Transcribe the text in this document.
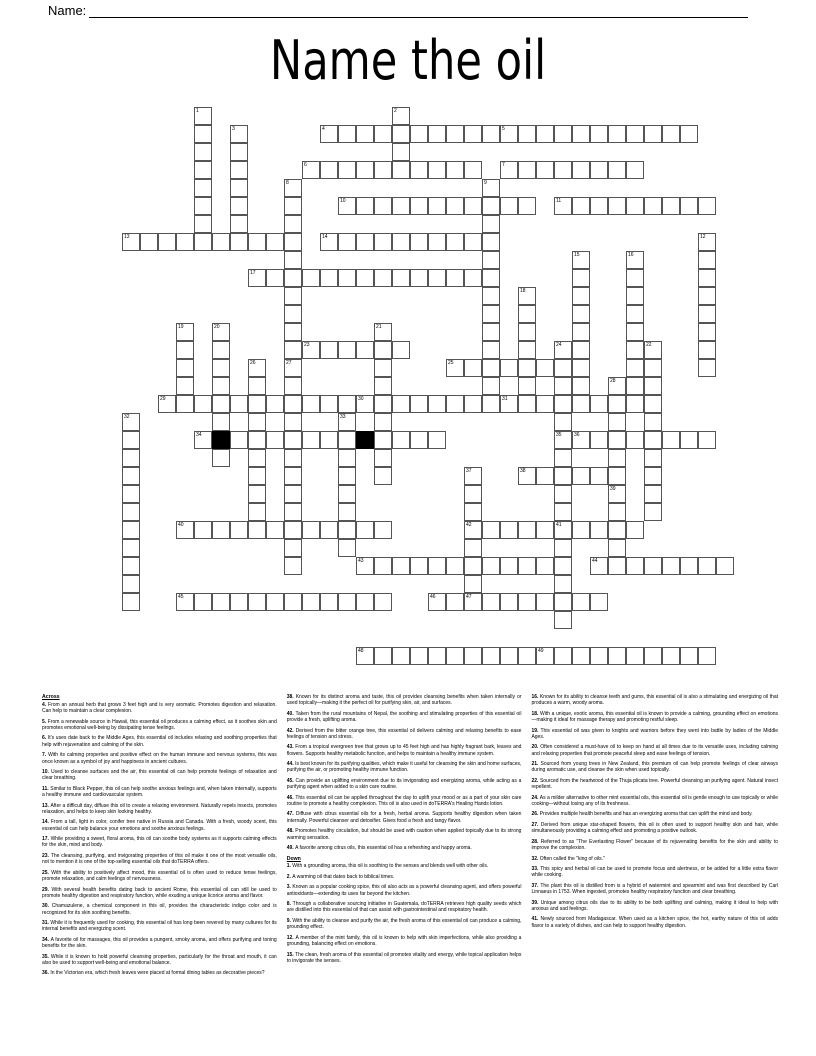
Name:
Name the oil
1	2
3	4	5
6	7
8
27
9
10	11
12
13	14
15	16
17
18
19	20	21
22
23	24
35
25
26
28
39
29	30	31
32	33
34
41
36
37
42
38
40
43	44
45	46	47
48	49
Across
4. From an annual herb that grows 3 feet high and is very aromatic. Promotes digestion and relaxation. Can help to maintain a clear complexion.
5. From a renewable source in Hawaii, this essential oil produces a calming effect, as it soothes skin and promotes emotional well-being by dissipating tense feelings.
6. It's uses date back to the Middle Ages, this essential oil includes relaxing and soothing properties that help with rejuvenation and calming of the skin.
7. With its calming properties and positive effect on the human immune and nervous systems, this was once known as a symbol of joy and happiness in ancient cultures.
10. Used to cleanse surfaces and the air, this essential oil can help promote feelings of relaxation and clear breathing.
11. Similar to Black Pepper, this oil can help soothe anxious feelings and, when taken internally, supports a healthy immune and cardiovascular system.
13. After a difficult day, diffuse this oil to create a relaxing environment. Naturally repels insects, promotes relaxation, and helps to keep skin looking healthy.
14. From a tall, light in color, conifer tree native in Russia and Canada. With a fresh, woody scent, this essential oil can help balance your emotions and soothe anxious feelings.
17. While providing a sweet, floral aroma, this oil can soothe body systems as it supports calming effects for the skin, mind and body.
23. The cleansing, purifying, and invigorating properties of this oil make it one of the most versatile oils, not to mention it is one of the top-selling essential oils that doTERRA offers.
25. With the ability to positively affect mood, this essential oil is often used to reduce tense feelings, promote relaxation, and calm feelings of nervousness.
29. With several health benefits dating back to ancient Rome, this essential oil can still be used to promote healthy digestion and respiratory function, while exuding a unique licorice aroma and flavor.
30. Chamazulene, a chemical component in this oil, provides the characteristic indigo color and is recognized for its skin soothing benefits.
31. While it is frequently used for cooking, this essential oil has long been revered by many cultures for its internal benefits and energizing scent.
34. A favorite oil for massages, this oil provides a pungent, smoky aroma, and offers purifying and toning benefits for the skin.
35. While it is known to hold powerful cleansing properties, particularly for the throat and mouth, it can also be used to support well-being and emotional balance.
36. In the Victorian era, which fresh leaves were placed at formal dining tables as decorative pieces?
38. Known for its distinct aroma and taste, this oil provides cleansing benefits when taken internally or used topically—making it the perfect oil for purifying skin, air, and surfaces.
40. Taken from the rural mountains of Nepal, the soothing and stimulating properties of this essential oil provide a fresh, uplifting aroma.
42. Derived from the bitter orange tree, this essential oil delivers calming and relaxing benefits to ease feelings of tension and stress.
43. From a tropical evergreen tree that grows up to 45 feet high and has highly fragrant bark, leaves and flowers. Supports healthy metabolic function, and helps to maintain a healthy immune system.
44. Is best known for its purifying qualities, which make it useful for cleansing the skin and home surfaces, purifying the air, or promoting healthy immune function.
45. Can provide an uplifting environment due to its invigorating and energizing aroma, while acting as a purifying agent when added to a skin care routine.
46. This essential oil can be applied throughout the day to uplift your mood or as a part of your skin care routine to promote a healthy complexion. This oil is also used in doTERRA's Healing Hands lotion.
47. Diffuse with citrus essential oils for a fresh, herbal aroma. Supports healthy digestion when taken internally. Powerful cleanser and detoxifier. Gives food a fresh and tangy flavor.
48. Promotes healthy circulation, but should be used with caution when applied topically due to its strong warming sensation.
49. A favorite among citrus oils, this essential oil has a refreshing and happy aroma.
Down
1. With a grounding aroma, this oil is soothing to the senses and blends well with other oils.
2. A warming oil that dates back to biblical times.
3. Known as a popular cooking spice, this oil also acts as a powerful cleansing agent, and offers powerful antioxidants—extending its uses far beyond the kitchen.
8. Through a collaborative sourcing initiative in Guatemala, doTERRA retrieves high quality seeds which are distilled into this essential oil that can assist with gastrointestinal and respiratory health.
9. With the ability to cleanse and purify the air, the fresh aroma of this essential oil can produce a calming, grounding effect.
12. A member of the mint family, this oil is known to help with skin imperfections, while also providing a grounding, balancing effect on emotions.
15. The clean, fresh aroma of this essential oil promotes vitality and energy, while topical application helps to invigorate the senses.
16. Known for its ability to cleanse teeth and gums, this essential oil is also a stimulating and energizing oil that produces a warm, woody aroma.
18. With a unique, exotic aroma, this essential oil is known to provide a calming, grounding effect on emotions—making it ideal for massage therapy and promoting restful sleep.
19. This essential oil was given to knights and warriors before they went into battle by ladies of the Middle Ages.
20. Often considered a must-have oil to keep on hand at all times due to its versatile uses, including calming and relaxing properties that promote peaceful sleep and ease feelings of tension.
21. Sourced from young trees in New Zealand, this premium oil can help promote feelings of clear airways during aromatic use, and cleanse the skin when used topically.
22. Sourced from the heartwood of the Thuja plicata tree. Powerful cleansing an purifying agent. Natural insect repellent.
24. As a milder alternative to other mint essential oils, this essential oil is gentle enough to use topically or while cooking—without losing any of its freshness.
26. Provides multiple health benefits and has an energizing aroma that can uplift the mind and body.
27. Derived from unique star-shaped flowers, this oil is often used to support healthy skin and hair, while simultaneously providing a calming effect and promoting a positive outlook.
28. Referred to as "The Everlasting Flower" because of its rejuvenating benefits for the skin and ability to improve the complexion.
32. Often called the "king of oils."
33. This spicy and herbal oil can be used to promote focus and alertness, or be added for a little extra flavor while cooking.
37. The plant this oil is distilled from is a hybrid of watermint and spearmint and was first described by Carl Linnaeus in 1753. When ingested, promotes healthy respiratory function and clear breathing.
39. Unique among citrus oils due to its ability to be both uplifting and calming, making it ideal to help with anxious and sad feelings.
41. Newly sourced from Madagascar. When used as a kitchen spice, the hot, earthy nature of this oil adds flavor to a variety of dishes, and can help to support healthy digestion.
